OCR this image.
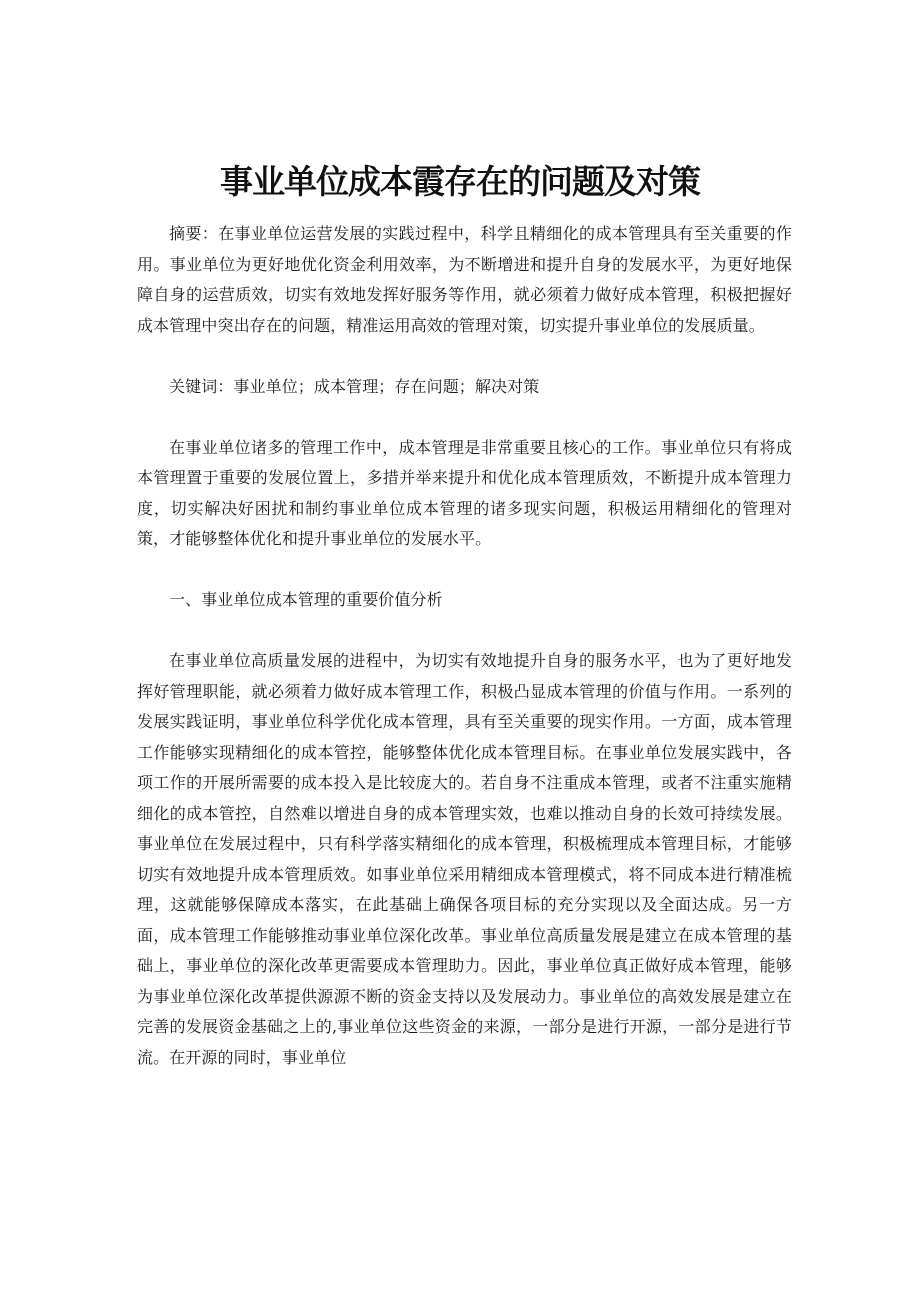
事业单位成本霞存在的问题及对策

摘要：在事业单位运营发展的实践过程中，科学且精细化的成本管理具有至关重要的作用。事业单位为更好地优化资金利用效率，为不断增进和提升自身的发展水平，为更好地保障自身的运营质效，切实有效地发挥好服务等作用，就必须着力做好成本管理，积极把握好成本管理中突出存在的问题，精准运用高效的管理对策，切实提升事业单位的发展质量。

关键词：事业单位；成本管理；存在问题；解决对策

在事业单位诸多的管理工作中，成本管理是非常重要且核心的工作。事业单位只有将成本管理置于重要的发展位置上，多措并举来提升和优化成本管理质效，不断提升成本管理力度，切实解决好困扰和制约事业单位成本管理的诸多现实问题，积极运用精细化的管理对策，才能够整体优化和提升事业单位的发展水平。

一、事业单位成本管理的重要价值分析

在事业单位高质量发展的进程中，为切实有效地提升自身的服务水平，也为了更好地发挥好管理职能，就必须着力做好成本管理工作，积极凸显成本管理的价值与作用。一系列的发展实践证明，事业单位科学优化成本管理，具有至关重要的现实作用。一方面，成本管理工作能够实现精细化的成本管控，能够整体优化成本管理目标。在事业单位发展实践中，各项工作的开展所需要的成本投入是比较庞大的。若自身不注重成本管理，或者不注重实施精细化的成本管控，自然难以增进自身的成本管理实效，也难以推动自身的长效可持续发展。事业单位在发展过程中，只有科学落实精细化的成本管理，积极梳理成本管理目标，才能够切实有效地提升成本管理质效。如事业单位采用精细成本管理模式，将不同成本进行精准梳理，这就能够保障成本落实，在此基础上确保各项目标的充分实现以及全面达成。另一方面，成本管理工作能够推动事业单位深化改革。事业单位高质量发展是建立在成本管理的基础上，事业单位的深化改革更需要成本管理助力。因此，事业单位真正做好成本管理，能够为事业单位深化改革提供源源不断的资金支持以及发展动力。事业单位的高效发展是建立在完善的发展资金基础之上的,事业单位这些资金的来源，一部分是进行开源，一部分是进行节流。在开源的同时，事业单位
